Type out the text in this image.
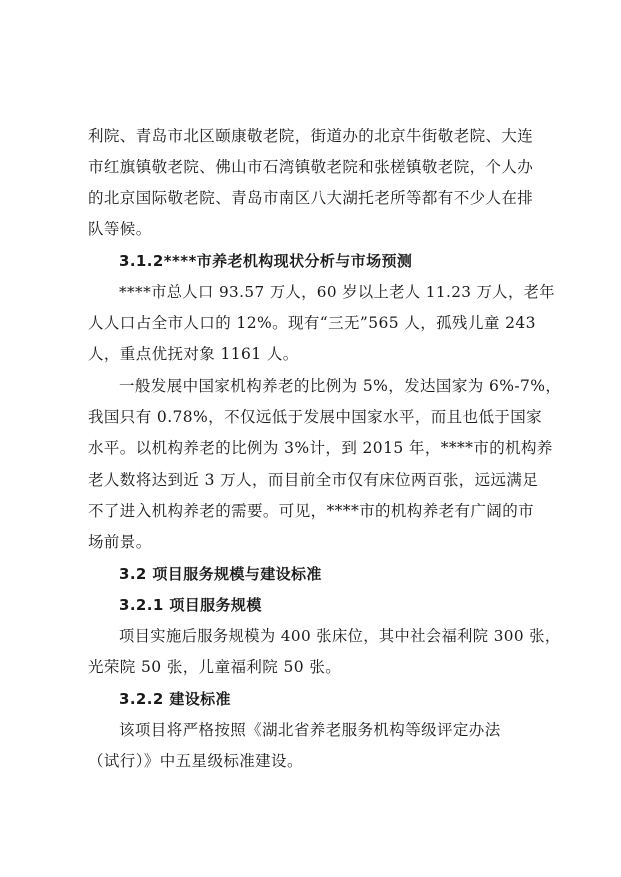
利院、青岛市北区颐康敬老院，街道办的北京牛街敬老院、大连
市红旗镇敬老院、佛山市石湾镇敬老院和张槎镇敬老院，个人办
的北京国际敬老院、青岛市南区八大湖托老所等都有不少人在排
队等候。
3.1.2****市养老机构现状分析与市场预测
****市总人口 93.57 万人，60 岁以上老人 11.23 万人，老年
人人口占全市人口的 12%。现有“三无”565 人，孤残儿童 243
人，重点优抚对象 1161 人。
一般发展中国家机构养老的比例为 5%，发达国家为 6%-7%，
我国只有 0.78%，不仅远低于发展中国家水平，而且也低于国家
水平。以机构养老的比例为 3%计，到 2015 年，****市的机构养
老人数将达到近 3 万人，而目前全市仅有床位两百张，远远满足
不了进入机构养老的需要。可见，****市的机构养老有广阔的市
场前景。
3.2 项目服务规模与建设标准
3.2.1 项目服务规模
项目实施后服务规模为 400 张床位，其中社会福利院 300 张，
光荣院 50 张，儿童福利院 50 张。
3.2.2 建设标准
该项目将严格按照《湖北省养老服务机构等级评定办法
（试行）》中五星级标准建设。
